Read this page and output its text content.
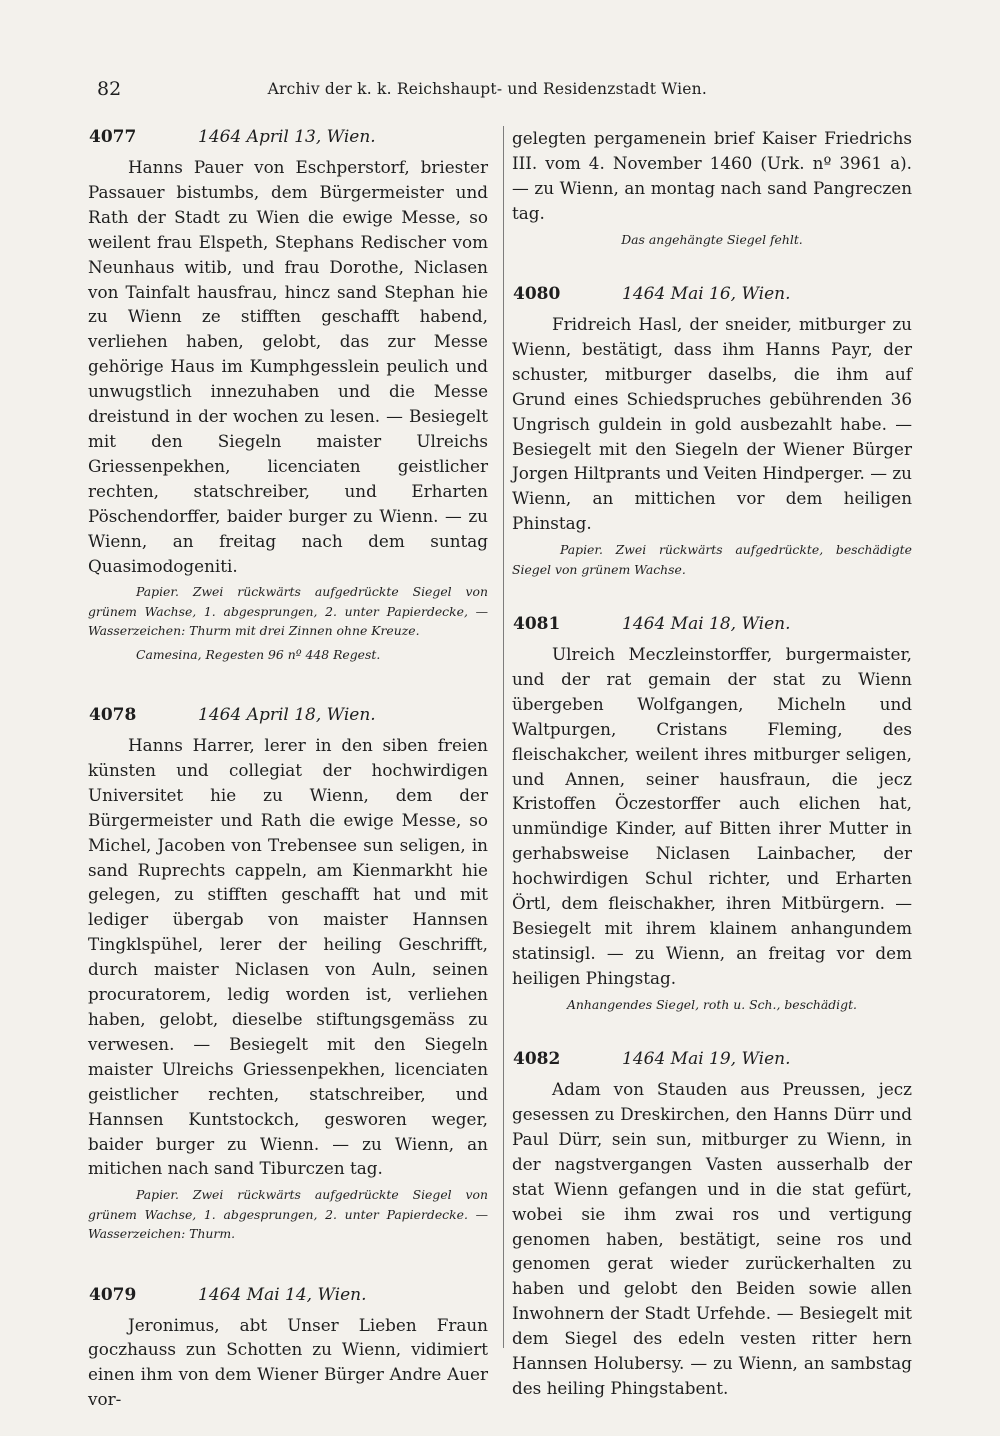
82	Archiv der k. k. Reichshaupt- und Residenzstadt Wien.
4077	1464 April 13, Wien.

Hanns Pauer von Eschperstorf, briester Passauer bistumbs, dem Bürgermeister und Rath der Stadt zu Wien die ewige Messe, so weilent frau Elspeth, Stephans Redischer vom Neunhaus witib, und frau Dorothe, Niclasen von Tainfalt hausfrau, hincz sand Stephan hie zu Wienn ze stifften geschafft habend, verliehen haben, gelobt, das zur Messe gehörige Haus im Kumphgesslein peulich und unwugstlich innezuhaben und die Messe dreistund in der wochen zu lesen. — Besiegelt mit den Siegeln maister Ulreichs Griessenpekhen, licenciaten geistlicher rechten, statschreiber, und Erharten Pöschendorffer, baider burger zu Wienn. — zu Wienn, an freitag nach dem suntag Quasimodogeniti.

Papier. Zwei rückwärts aufgedrückte Siegel von grünem Wachse, 1. abgesprungen, 2. unter Papierdecke, — Wasserzeichen: Thurm mit drei Zinnen ohne Kreuze.
Camesina, Regesten 96 nº 448 Regest.
4078	1464 April 18, Wien.

Hanns Harrer, lerer in den siben freien künsten und collegiat der hochwirdigen Universitet hie zu Wienn, dem der Bürgermeister und Rath die ewige Messe, so Michel, Jacoben von Trebensee sun seligen, in sand Ruprechts cappeln, am Kienmarkht hie gelegen, zu stifften geschafft hat und mit lediger übergab von maister Hannsen Tingklspühel, lerer der heiling Geschrifft, durch maister Niclasen von Auln, seinen procuratorem, ledig worden ist, verliehen haben, gelobt, dieselbe stiftungsgemäss zu verwesen. — Besiegelt mit den Siegeln maister Ulreichs Griessenpekhen, licenciaten geistlicher rechten, statschreiber, und Hannsen Kuntstockch, gesworen weger, baider burger zu Wienn. — zu Wienn, an mitichen nach sand Tiburczen tag.

Papier. Zwei rückwärts aufgedrückte Siegel von grünem Wachse, 1. abgesprungen, 2. unter Papierdecke. — Wasserzeichen: Thurm.
4079	1464 Mai 14, Wien.

Jeronimus, abt Unser Lieben Fraun goczhauss zun Schotten zu Wienn, vidimiert einen ihm von dem Wiener Bürger Andre Auer vor-

gelegten pergamenein brief Kaiser Friedrichs III. vom 4. November 1460 (Urk. nº 3961 a). — zu Wienn, an montag nach sand Pangreczen tag.

Das angehängte Siegel fehlt.
4080	1464 Mai 16, Wien.

Fridreich Hasl, der sneider, mitburger zu Wienn, bestätigt, dass ihm Hanns Payr, der schuster, mitburger daselbs, die ihm auf Grund eines Schiedspruches gebührenden 36 Ungrisch guldein in gold ausbezahlt habe. — Besiegelt mit den Siegeln der Wiener Bürger Jorgen Hiltprants und Veiten Hindperger. — zu Wienn, an mittichen vor dem heiligen Phinstag.

Papier. Zwei rückwärts aufgedrückte, beschädigte Siegel von grünem Wachse.
4081	1464 Mai 18, Wien.

Ulreich Meczleinstorffer, burgermaister, und der rat gemain der stat zu Wienn übergeben Wolfgangen, Micheln und Waltpurgen, Cristans Fleming, des fleischakcher, weilent ihres mitburger seligen, und Annen, seiner hausfraun, die jecz Kristoffen Öczestorffer auch elichen hat, unmündige Kinder, auf Bitten ihrer Mutter in gerhabsweise Niclasen Lainbacher, der hochwirdigen Schul richter, und Erharten Örtl, dem fleischakher, ihren Mitbürgern. — Besiegelt mit ihrem klainem anhangundem statinsigl. — zu Wienn, an freitag vor dem heiligen Phingstag.

Anhangendes Siegel, roth u. Sch., beschädigt.
4082	1464 Mai 19, Wien.

Adam von Stauden aus Preussen, jecz gesessen zu Dreskirchen, den Hanns Dürr und Paul Dürr, sein sun, mitburger zu Wienn, in der nagstvergangen Vasten ausserhalb der stat Wienn gefangen und in die stat gefürt, wobei sie ihm zwai ros und vertigung genomen haben, bestätigt, seine ros und genomen gerat wieder zurückerhalten zu haben und gelobt den Beiden sowie allen Inwohnern der Stadt Urfehde. — Besiegelt mit dem Siegel des edeln vesten ritter hern Hannsen Holubersy. — zu Wienn, an sambstag des heiling Phingstabent.
